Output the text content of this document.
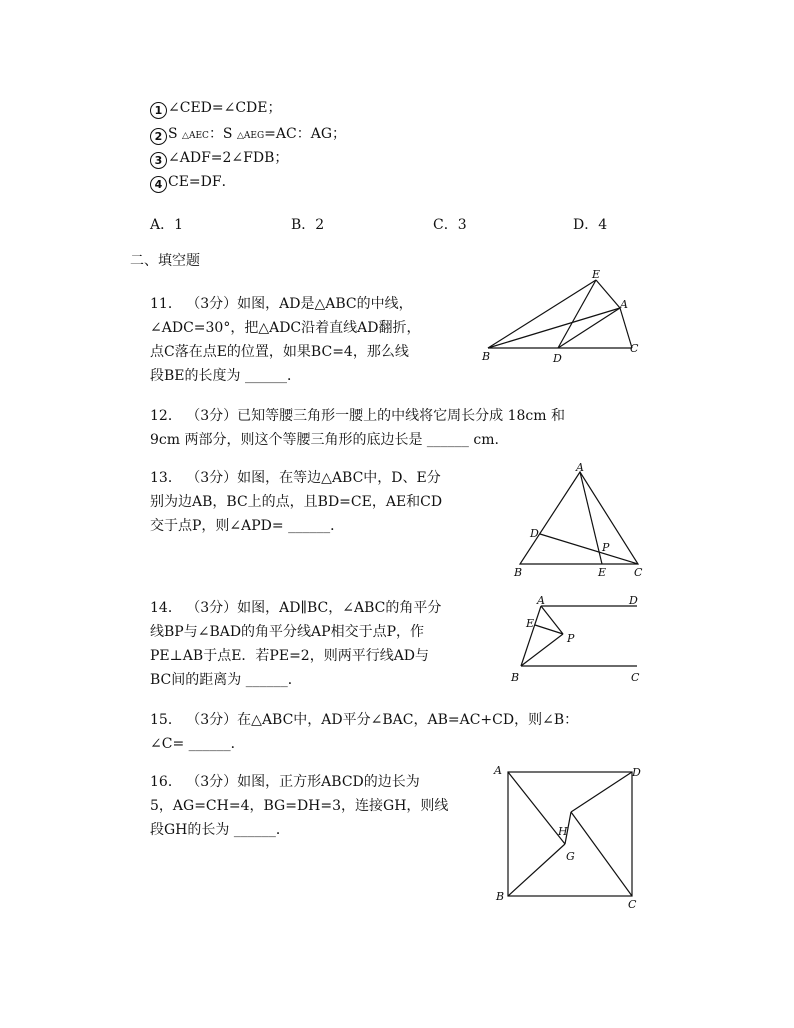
1 ∠CED=∠CDE；
2 S △AEC：S △AEG=AC：AG；
3 ∠ADF=2∠FDB；
4 CE=DF．
A．1	B．2	C．3	D．4
二、填空题
11． （3分）如图，AD是△ABC的中线，
∠ADC=30°，把△ADC沿着直线AD翻折，
点C落在点E的位置，如果BC=4，那么线
段BE的长度为 ______．
E
A
B	D
C
12． （3分）已知等腰三角形一腰上的中线将它周长分成 18cm 和
9cm 两部分，则这个等腰三角形的底边长是 ______ cm.
13． （3分）如图，在等边△ABC中，D、E分
别为边AB，BC上的点，且BD=CE，AE和CD
交于点P，则∠APD= ______．
A
D
P
B	E	C
14． （3分）如图，AD∥BC，∠ABC的角平分
线BP与∠BAD的角平分线AP相交于点P，作
PE⊥AB于点E．若PE=2，则两平行线AD与
BC间的距离为 ______．
A	D
E
P
B	C
15． （3分）在△ABC中，AD平分∠BAC，AB=AC+CD，则∠B：
∠C= ______．
16． （3分）如图，正方形ABCD的边长为
5，AG=CH=4，BG=DH=3，连接GH，则线
段GH的长为 ______．
A	D
H
G
B
C
